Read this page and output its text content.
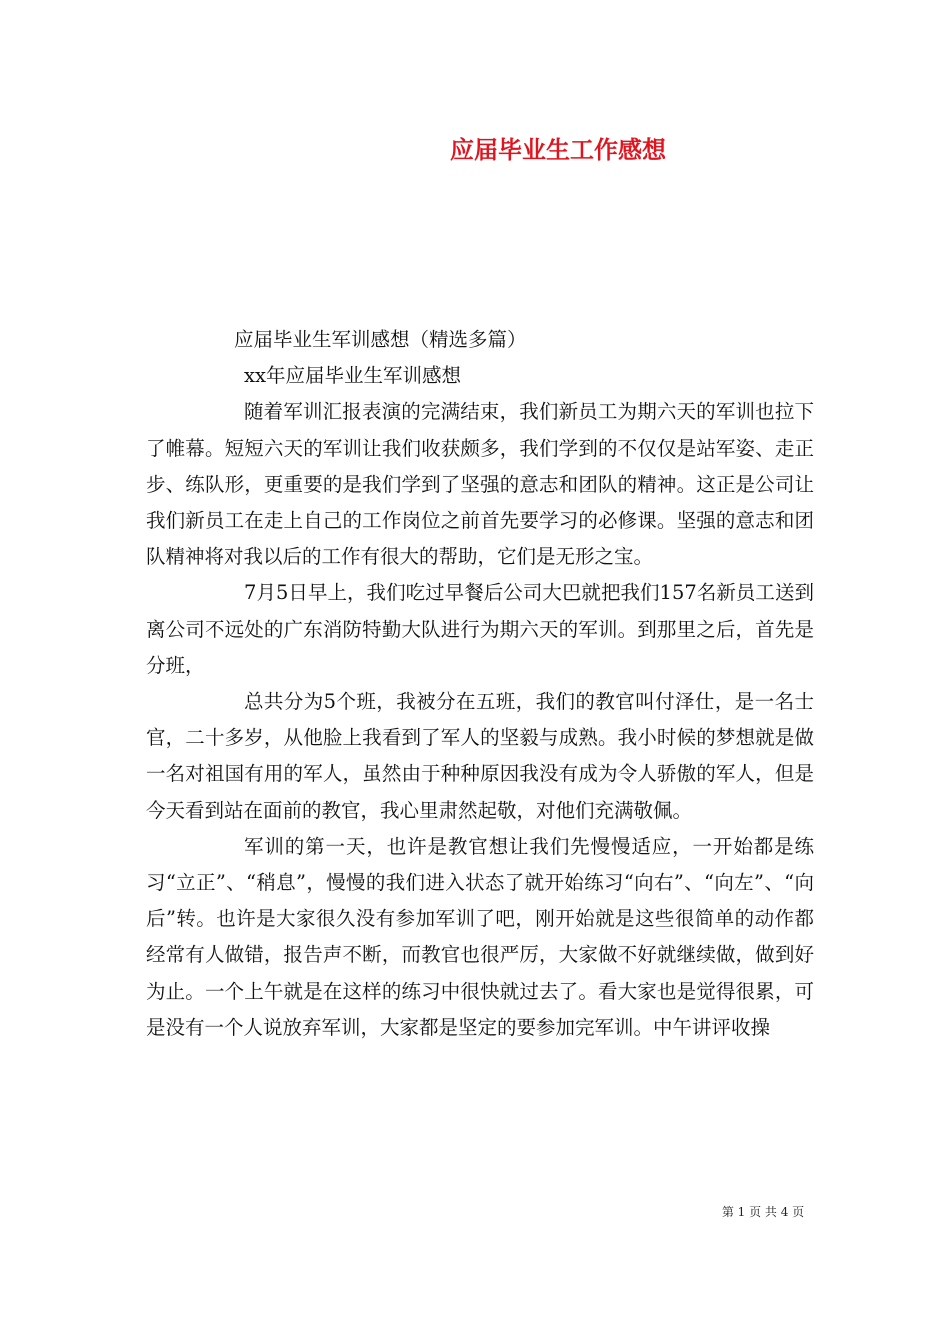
应届毕业生工作感想

应届毕业生军训感想（精选多篇）

xx年应届毕业生军训感想

随着军训汇报表演的完满结束，我们新员工为期六天的军训也拉下了帷幕。短短六天的军训让我们收获颇多，我们学到的不仅仅是站军姿、走正步、练队形，更重要的是我们学到了坚强的意志和团队的精神。这正是公司让我们新员工在走上自己的工作岗位之前首先要学习的必修课。坚强的意志和团队精神将对我以后的工作有很大的帮助，它们是无形之宝。

7月5日早上，我们吃过早餐后公司大巴就把我们157名新员工送到离公司不远处的广东消防特勤大队进行为期六天的军训。到那里之后，首先是分班，

总共分为5个班，我被分在五班，我们的教官叫付泽仕，是一名士官，二十多岁，从他脸上我看到了军人的坚毅与成熟。我小时候的梦想就是做一名对祖国有用的军人，虽然由于种种原因我没有成为令人骄傲的军人，但是今天看到站在面前的教官，我心里肃然起敬，对他们充满敬佩。

军训的第一天，也许是教官想让我们先慢慢适应，一开始都是练习“立正”、“稍息”，慢慢的我们进入状态了就开始练习“向右”、“向左”、“向后”转。也许是大家很久没有参加军训了吧，刚开始就是这些很简单的动作都经常有人做错，报告声不断，而教官也很严厉，大家做不好就继续做，做到好为止。一个上午就是在这样的练习中很快就过去了。看大家也是觉得很累，可是没有一个人说放弃军训，大家都是坚定的要参加完军训。中午讲评收操

第 1 页 共 4 页
